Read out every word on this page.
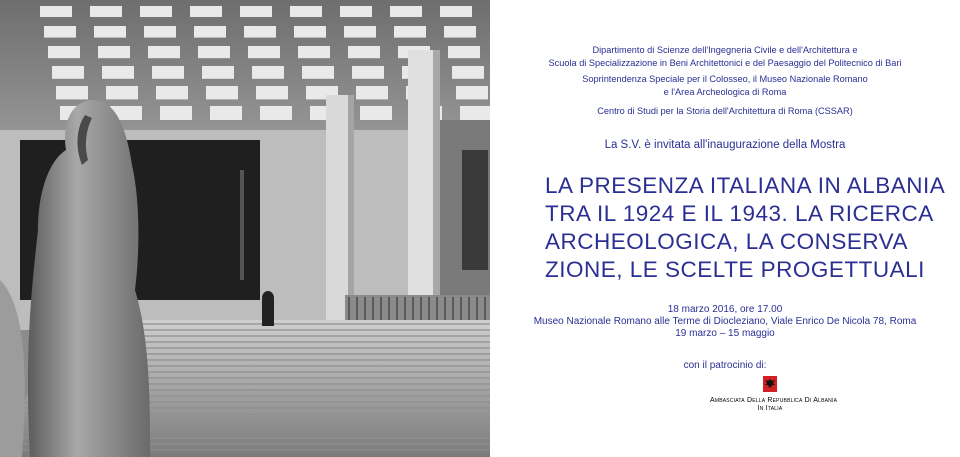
Dipartimento di Scienze dell'Ingegneria Civile e dell'Architettura e
Scuola di Specializzazione in Beni Architettonici e del Paesaggio del Politecnico di Bari
Soprintendenza Speciale per il Colosseo, il Museo Nazionale Romano
e l'Area Archeologica di Roma
Centro di Studi per la Storia dell'Architettura di Roma (CSSAR)
La S.V. è invitata all'inaugurazione della Mostra
LA PRESENZA ITALIANA IN ALBANIA
TRA IL 1924 E IL 1943. LA RICERCA
ARCHEOLOGICA, LA CONSERVA
ZIONE, LE SCELTE PROGETTUALI
18 marzo 2016, ore 17.00
Museo Nazionale Romano alle Terme di Diocleziano, Viale Enrico De Nicola 78, Roma
19 marzo – 15 maggio
con il patrocinio di:
Ambasciata Della Repubblica Di Albania
In Italia
